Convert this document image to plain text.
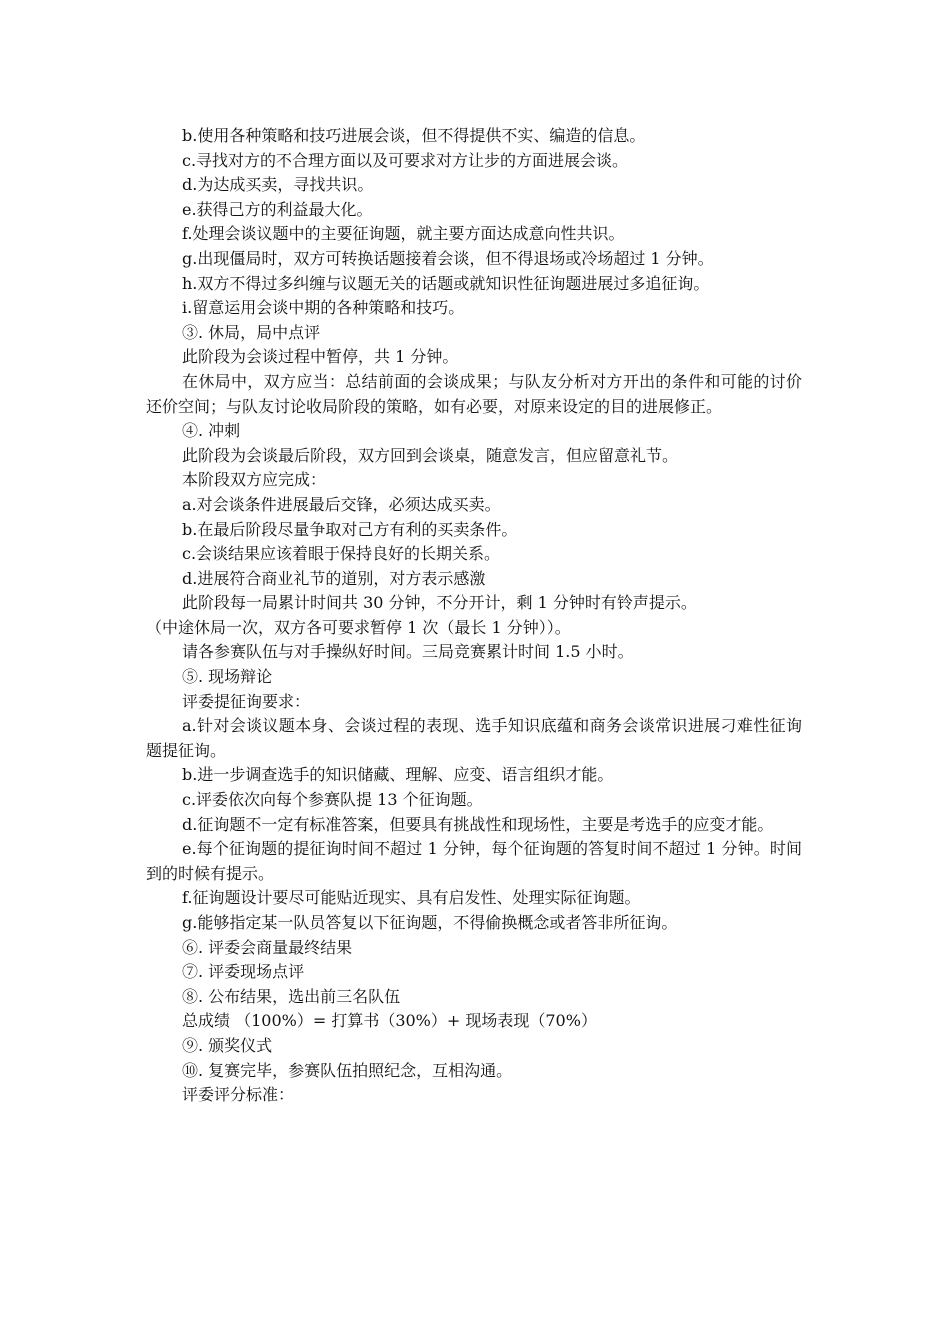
b.使用各种策略和技巧进展会谈，但不得提供不实、编造的信息。

c.寻找对方的不合理方面以及可要求对方让步的方面进展会谈。

d.为达成买卖，寻找共识。

e.获得己方的利益最大化。

f.处理会谈议题中的主要征询题，就主要方面达成意向性共识。

g.出现僵局时，双方可转换话题接着会谈，但不得退场或冷场超过 1 分钟。

h.双方不得过多纠缠与议题无关的话题或就知识性征询题进展过多追征询。

i.留意运用会谈中期的各种策略和技巧。

③. 休局，局中点评

此阶段为会谈过程中暂停，共 1 分钟。

在休局中，双方应当：总结前面的会谈成果；与队友分析对方开出的条件和可能的讨价还价空间；与队友讨论收局阶段的策略，如有必要，对原来设定的目的进展修正。

④. 冲刺

此阶段为会谈最后阶段，双方回到会谈桌，随意发言，但应留意礼节。

本阶段双方应完成：

a.对会谈条件进展最后交锋，必须达成买卖。

b.在最后阶段尽量争取对己方有利的买卖条件。

c.会谈结果应该着眼于保持良好的长期关系。

d.进展符合商业礼节的道别，对方表示感激

此阶段每一局累计时间共 30 分钟，不分开计，剩 1 分钟时有铃声提示。

（中途休局一次，双方各可要求暂停 1 次（最长 1 分钟））。

请各参赛队伍与对手操纵好时间。三局竞赛累计时间 1.5 小时。

⑤. 现场辩论

评委提征询要求：

a.针对会谈议题本身、会谈过程的表现、选手知识底蕴和商务会谈常识进展刁难性征询题提征询。

b.进一步调查选手的知识储藏、理解、应变、语言组织才能。

c.评委依次向每个参赛队提 13 个征询题。

d.征询题不一定有标准答案，但要具有挑战性和现场性，主要是考选手的应变才能。

e.每个征询题的提征询时间不超过 1 分钟，每个征询题的答复时间不超过 1 分钟。时间到的时候有提示。

f.征询题设计要尽可能贴近现实、具有启发性、处理实际征询题。

g.能够指定某一队员答复以下征询题，不得偷换概念或者答非所征询。

⑥. 评委会商量最终结果

⑦. 评委现场点评

⑧. 公布结果，选出前三名队伍

总成绩 （100%）= 打算书（30%）+ 现场表现（70%）

⑨. 颁奖仪式

⑩. 复赛完毕，参赛队伍拍照纪念，互相沟通。

评委评分标准：
